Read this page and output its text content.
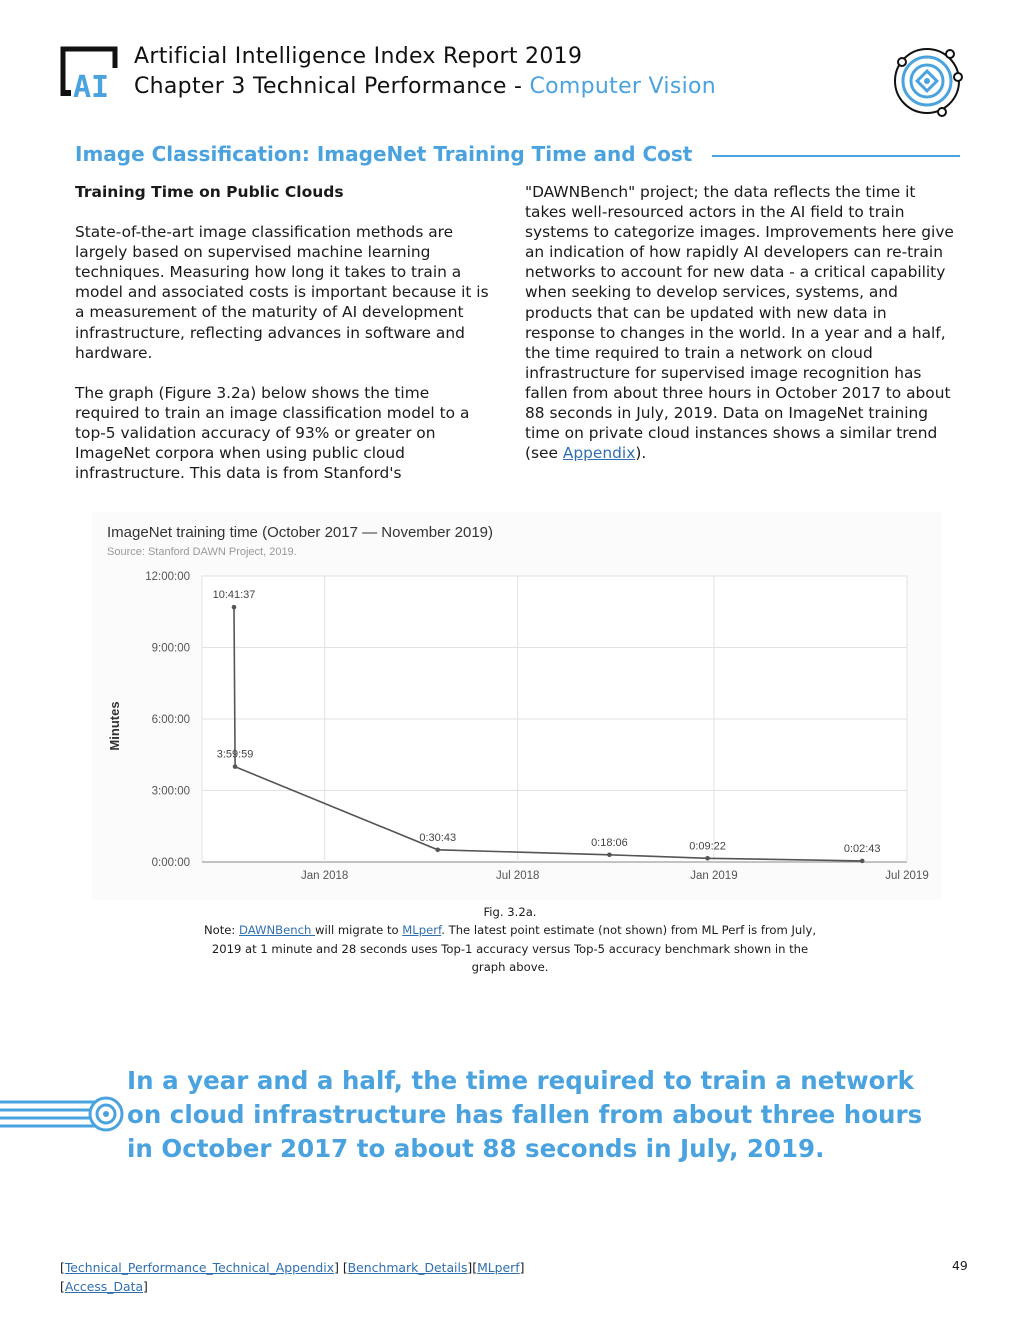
AI
Artificial Intelligence Index Report 2019
Chapter 3 Technical Performance - Computer Vision
Image Classification: ImageNet Training Time and Cost

Training Time on Public Clouds

State-of-the-art image classification methods are largely based on supervised machine learning techniques. Measuring how long it takes to train a model and associated costs is important because it is a measurement of the maturity of AI development infrastructure, reflecting advances in software and hardware.

The graph (Figure 3.2a) below shows the time required to train an image classification model to a top-5 validation accuracy of 93% or greater on ImageNet corpora when using public cloud infrastructure. This data is from Stanford's

"DAWNBench" project; the data reflects the time it takes well-resourced actors in the AI field to train systems to categorize images. Improvements here give an indication of how rapidly AI developers can re-train networks to account for new data - a critical capability when seeking to develop services, systems, and products that can be updated with new data in response to changes in the world. In a year and a half, the time required to train a network on cloud infrastructure for supervised image recognition has fallen from about three hours in October 2017 to about 88 seconds in July, 2019. Data on ImageNet training time on private cloud instances shows a similar trend (see Appendix).

ImageNet training time (October 2017 — November 2019)
Source: Stanford DAWN Project, 2019.
Minutes
0:00:00
3:00:00
6:00:00
9:00:00
12:00:00
Jan 2018	Jul 2018	Jan 2019	Jul 2019
10:41:37
3:59:59
0:30:43	0:18:06	0:09:22	0:02:43
Fig. 3.2a.
Note: DAWNBench will migrate to MLperf. The latest point estimate (not shown) from ML Perf is from July, 2019 at 1 minute and 28 seconds uses Top-1 accuracy versus Top-5 accuracy benchmark shown in the graph above.
In a year and a half, the time required to train a network on cloud infrastructure has fallen from about three hours in October 2017 to about 88 seconds in July, 2019.
[Technical_Performance_Technical_Appendix] [Benchmark_Details][MLperf]
[Access_Data]
49
